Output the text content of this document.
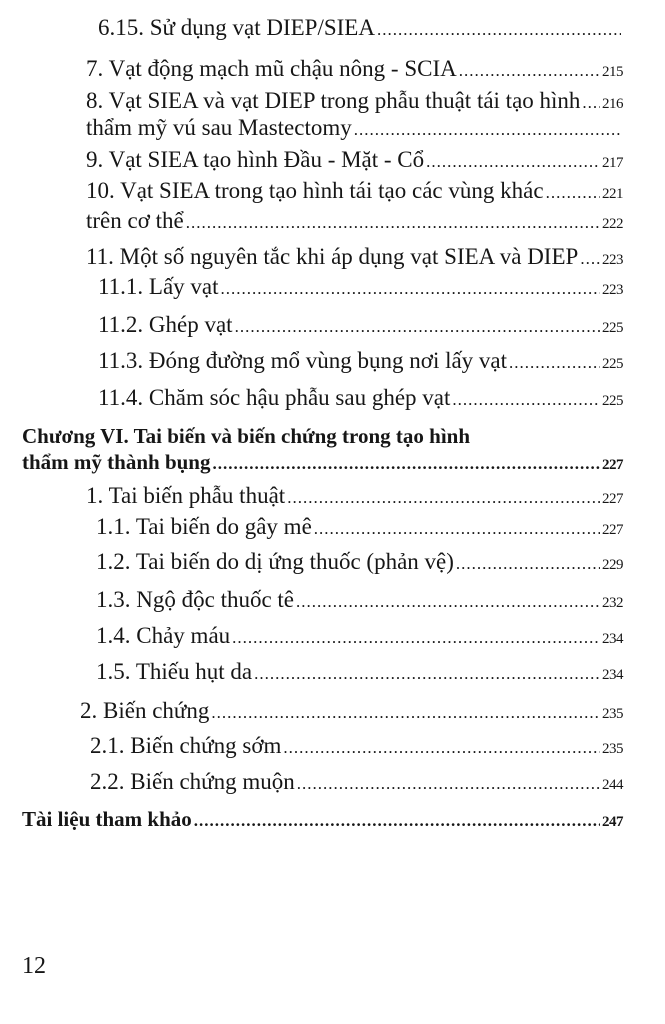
6.15. Sử dụng vạt DIEP/SIEA
.....
7. Vạt động mạch mũ chậu nông - SCIA .....	215
8. Vạt SIEA và vạt DIEP trong phẫu thuật tái tạo hình ..... 216
thẩm mỹ vú sau Mastectomy
.....
9. Vạt SIEA tạo hình Đầu - Mặt - Cổ .....	217
10. Vạt SIEA trong tạo hình tái tạo các vùng khác .....	221
trên cơ thể .....	222
11. Một số nguyên tắc khi áp dụng vạt SIEA và DIEP ..... 223
11.1. Lấy vạt .....	223
11.2. Ghép vạt .....	225
11.3. Đóng đường mổ vùng bụng nơi lấy vạt .....	225
11.4. Chăm sóc hậu phẫu sau ghép vạt .....	225
Chương VI. Tai biến và biến chứng trong tạo hình
thẩm mỹ thành bụng .....	227
1. Tai biến phẫu thuật .....	227
1.1. Tai biến do gây mê .....	227
1.2. Tai biến do dị ứng thuốc (phản vệ) .....	229
1.3. Ngộ độc thuốc tê .....	232
1.4. Chảy máu .....	234
1.5. Thiếu hụt da .....	234
2. Biến chứng .....	235
2.1. Biến chứng sớm .....	235
2.2. Biến chứng muộn .....	244
Tài liệu tham khảo .....	247
12
